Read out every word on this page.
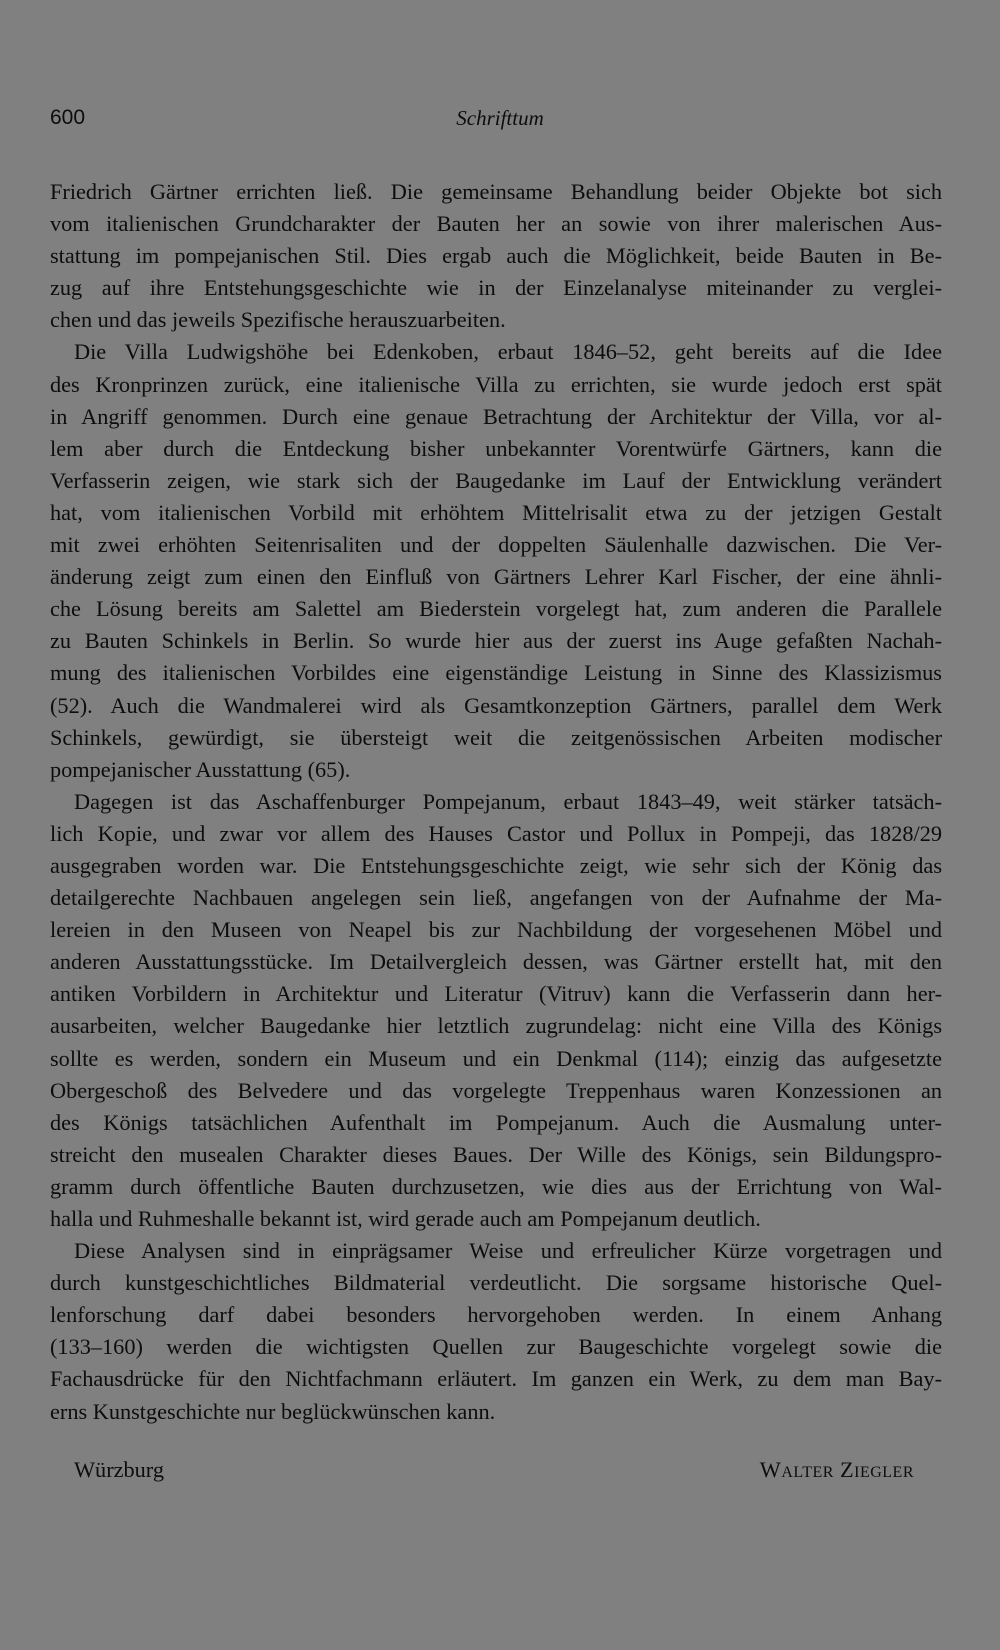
600	Schrifttum
Friedrich Gärtner errichten ließ. Die gemeinsame Behandlung beider Objekte bot sich
vom italienischen Grundcharakter der Bauten her an sowie von ihrer malerischen Aus-
stattung im pompejanischen Stil. Dies ergab auch die Möglichkeit, beide Bauten in Be-
zug auf ihre Entstehungsgeschichte wie in der Einzelanalyse miteinander zu verglei-
chen und das jeweils Spezifische herauszuarbeiten.
Die Villa Ludwigshöhe bei Edenkoben, erbaut 1846–52, geht bereits auf die Idee
des Kronprinzen zurück, eine italienische Villa zu errichten, sie wurde jedoch erst spät
in Angriff genommen. Durch eine genaue Betrachtung der Architektur der Villa, vor al-
lem aber durch die Entdeckung bisher unbekannter Vorentwürfe Gärtners, kann die
Verfasserin zeigen, wie stark sich der Baugedanke im Lauf der Entwicklung verändert
hat, vom italienischen Vorbild mit erhöhtem Mittelrisalit etwa zu der jetzigen Gestalt
mit zwei erhöhten Seitenrisaliten und der doppelten Säulenhalle dazwischen. Die Ver-
änderung zeigt zum einen den Einfluß von Gärtners Lehrer Karl Fischer, der eine ähnli-
che Lösung bereits am Salettel am Biederstein vorgelegt hat, zum anderen die Parallele
zu Bauten Schinkels in Berlin. So wurde hier aus der zuerst ins Auge gefaßten Nachah-
mung des italienischen Vorbildes eine eigenständige Leistung in Sinne des Klassizismus
(52). Auch die Wandmalerei wird als Gesamtkonzeption Gärtners, parallel dem Werk
Schinkels, gewürdigt, sie übersteigt weit die zeitgenössischen Arbeiten modischer
pompejanischer Ausstattung (65).
Dagegen ist das Aschaffenburger Pompejanum, erbaut 1843–49, weit stärker tatsäch-
lich Kopie, und zwar vor allem des Hauses Castor und Pollux in Pompeji, das 1828/29
ausgegraben worden war. Die Entstehungsgeschichte zeigt, wie sehr sich der König das
detailgerechte Nachbauen angelegen sein ließ, angefangen von der Aufnahme der Ma-
lereien in den Museen von Neapel bis zur Nachbildung der vorgesehenen Möbel und
anderen Ausstattungsstücke. Im Detailvergleich dessen, was Gärtner erstellt hat, mit den
antiken Vorbildern in Architektur und Literatur (Vitruv) kann die Verfasserin dann her-
ausarbeiten, welcher Baugedanke hier letztlich zugrundelag: nicht eine Villa des Königs
sollte es werden, sondern ein Museum und ein Denkmal (114); einzig das aufgesetzte
Obergeschoß des Belvedere und das vorgelegte Treppenhaus waren Konzessionen an
des Königs tatsächlichen Aufenthalt im Pompejanum. Auch die Ausmalung unter-
streicht den musealen Charakter dieses Baues. Der Wille des Königs, sein Bildungspro-
gramm durch öffentliche Bauten durchzusetzen, wie dies aus der Errichtung von Wal-
halla und Ruhmeshalle bekannt ist, wird gerade auch am Pompejanum deutlich.
Diese Analysen sind in einprägsamer Weise und erfreulicher Kürze vorgetragen und
durch kunstgeschichtliches Bildmaterial verdeutlicht. Die sorgsame historische Quel-
lenforschung darf dabei besonders hervorgehoben werden. In einem Anhang
(133–160) werden die wichtigsten Quellen zur Baugeschichte vorgelegt sowie die
Fachausdrücke für den Nichtfachmann erläutert. Im ganzen ein Werk, zu dem man Bay-
erns Kunstgeschichte nur beglückwünschen kann.
Würzburg	Walter Ziegler
